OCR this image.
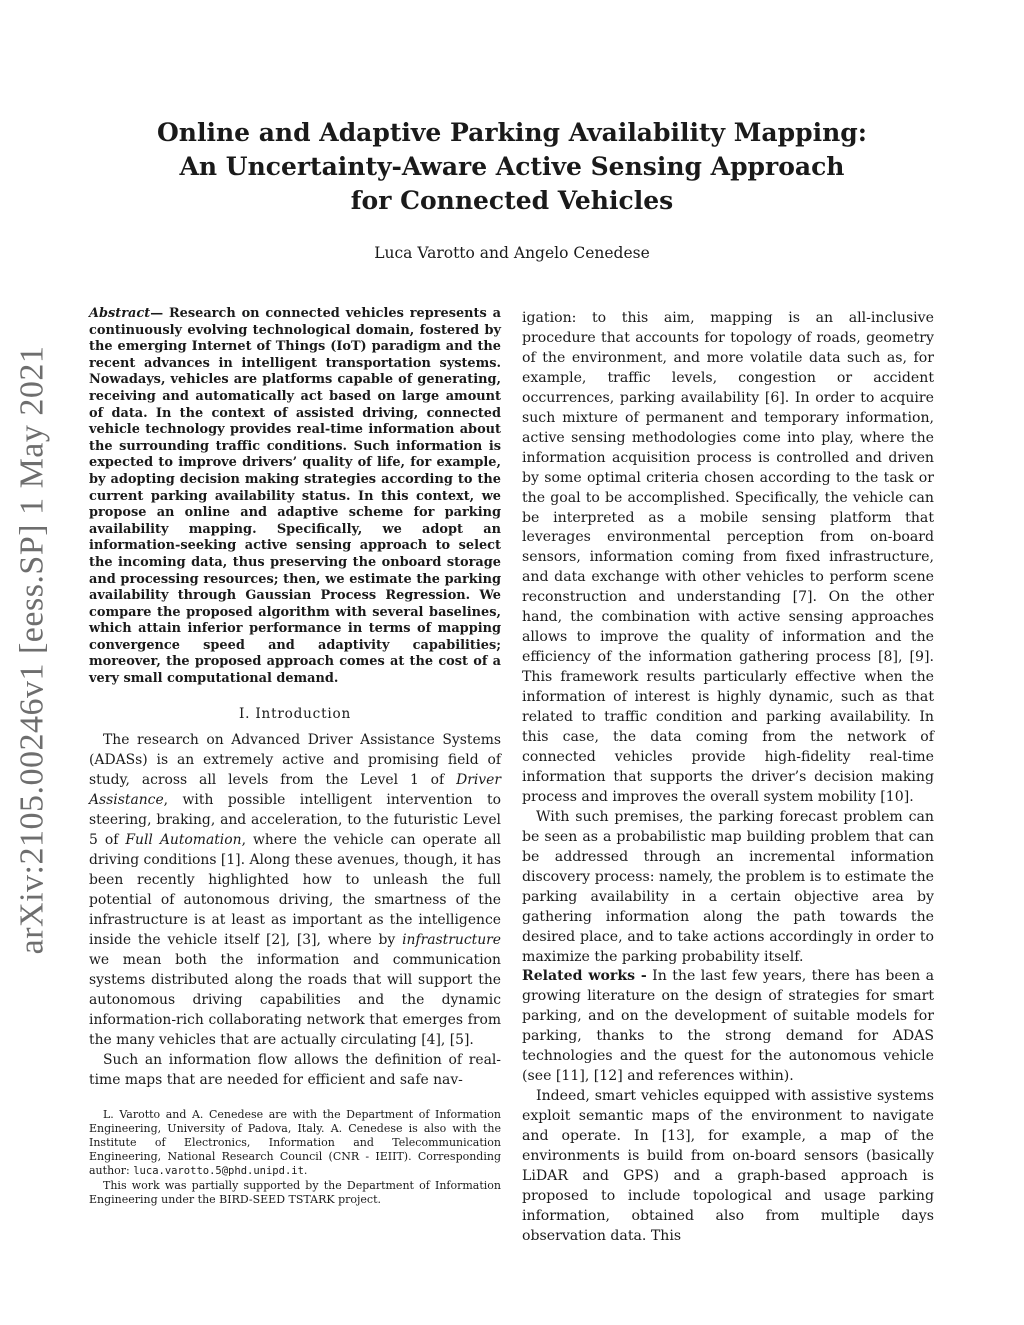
arXiv:2105.00246v1 [eess.SP] 1 May 2021
Online and Adaptive Parking Availability Mapping:
An Uncertainty-Aware Active Sensing Approach
for Connected Vehicles
Luca Varotto and Angelo Cenedese

Abstract— Research on connected vehicles represents a continuously evolving technological domain, fostered by the emerging Internet of Things (IoT) paradigm and the recent advances in intelligent transportation systems. Nowadays, vehicles are platforms capable of generating, receiving and automatically act based on large amount of data. In the context of assisted driving, connected vehicle technology provides real-time information about the surrounding traffic conditions. Such information is expected to improve drivers’ quality of life, for example, by adopting decision making strategies according to the current parking availability status. In this context, we propose an online and adaptive scheme for parking availability mapping. Specifically, we adopt an information-seeking active sensing approach to select the incoming data, thus preserving the onboard storage and processing resources; then, we estimate the parking availability through Gaussian Process Regression. We compare the proposed algorithm with several baselines, which attain inferior performance in terms of mapping convergence speed and adaptivity capabilities; moreover, the proposed approach comes at the cost of a very small computational demand.

I. Introduction

The research on Advanced Driver Assistance Systems (ADASs) is an extremely active and promising field of study, across all levels from the Level 1 of Driver Assistance, with possible intelligent intervention to steering, braking, and acceleration, to the futuristic Level 5 of Full Automation, where the vehicle can operate all driving conditions [1]. Along these avenues, though, it has been recently highlighted how to unleash the full potential of autonomous driving, the smartness of the infrastructure is at least as important as the intelligence inside the vehicle itself [2], [3], where by infrastructure we mean both the information and communication systems distributed along the roads that will support the autonomous driving capabilities and the dynamic information-rich collaborating network that emerges from the many vehicles that are actually circulating [4], [5].

Such an information flow allows the definition of real-time maps that are needed for efficient and safe nav-

L. Varotto and A. Cenedese are with the Department of Information Engineering, University of Padova, Italy. A. Cenedese is also with the Institute of Electronics, Information and Telecommunication Engineering, National Research Council (CNR - IEIIT). Corresponding author: luca.varotto.5@phd.unipd.it.

This work was partially supported by the Department of Information Engineering under the BIRD-SEED TSTARK project.

igation: to this aim, mapping is an all-inclusive procedure that accounts for topology of roads, geometry of the environment, and more volatile data such as, for example, traffic levels, congestion or accident occurrences, parking availability [6]. In order to acquire such mixture of permanent and temporary information, active sensing methodologies come into play, where the information acquisition process is controlled and driven by some optimal criteria chosen according to the task or the goal to be accomplished. Specifically, the vehicle can be interpreted as a mobile sensing platform that leverages environmental perception from on-board sensors, information coming from fixed infrastructure, and data exchange with other vehicles to perform scene reconstruction and understanding [7]. On the other hand, the combination with active sensing approaches allows to improve the quality of information and the efficiency of the information gathering process [8], [9]. This framework results particularly effective when the information of interest is highly dynamic, such as that related to traffic condition and parking availability. In this case, the data coming from the network of connected vehicles provide high-fidelity real-time information that supports the driver’s decision making process and improves the overall system mobility [10].

With such premises, the parking forecast problem can be seen as a probabilistic map building problem that can be addressed through an incremental information discovery process: namely, the problem is to estimate the parking availability in a certain objective area by gathering information along the path towards the desired place, and to take actions accordingly in order to maximize the parking probability itself.

Related works - In the last few years, there has been a growing literature on the design of strategies for smart parking, and on the development of suitable models for parking, thanks to the strong demand for ADAS technologies and the quest for the autonomous vehicle (see [11], [12] and references within).

Indeed, smart vehicles equipped with assistive systems exploit semantic maps of the environment to navigate and operate. In [13], for example, a map of the environments is build from on-board sensors (basically LiDAR and GPS) and a graph-based approach is proposed to include topological and usage parking information, obtained also from multiple days observation data. This
